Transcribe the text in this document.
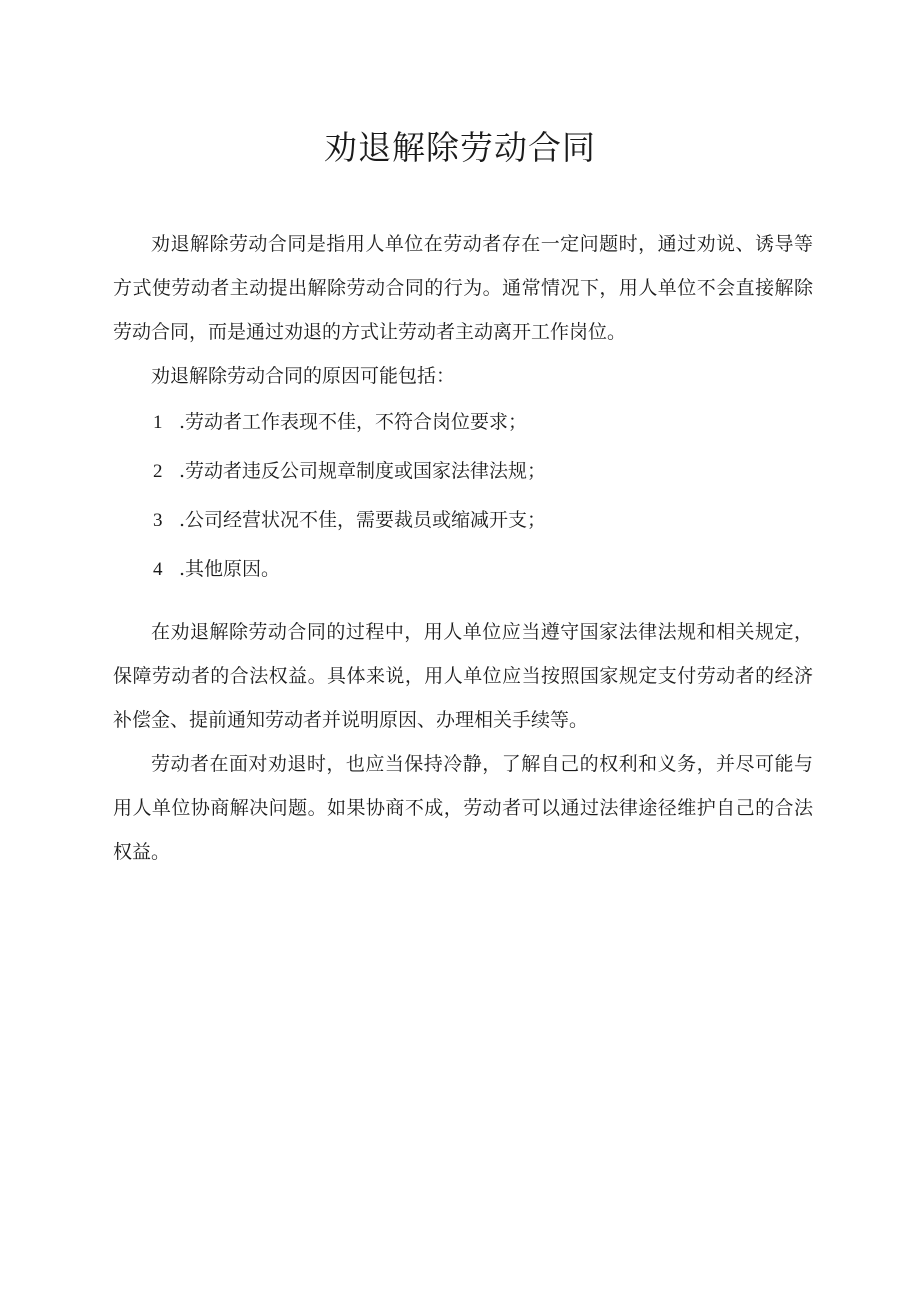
劝退解除劳动合同

劝退解除劳动合同是指用人单位在劳动者存在一定问题时，通过劝说、诱导等方式使劳动者主动提出解除劳动合同的行为。通常情况下，用人单位不会直接解除劳动合同，而是通过劝退的方式让劳动者主动离开工作岗位。

劝退解除劳动合同的原因可能包括：

1 .劳动者工作表现不佳，不符合岗位要求；
2 .劳动者违反公司规章制度或国家法律法规；
3 .公司经营状况不佳，需要裁员或缩减开支；
4 .其他原因。

在劝退解除劳动合同的过程中，用人单位应当遵守国家法律法规和相关规定，保障劳动者的合法权益。具体来说，用人单位应当按照国家规定支付劳动者的经济补偿金、提前通知劳动者并说明原因、办理相关手续等。

劳动者在面对劝退时，也应当保持冷静，了解自己的权利和义务，并尽可能与用人单位协商解决问题。如果协商不成，劳动者可以通过法律途径维护自己的合法权益。
